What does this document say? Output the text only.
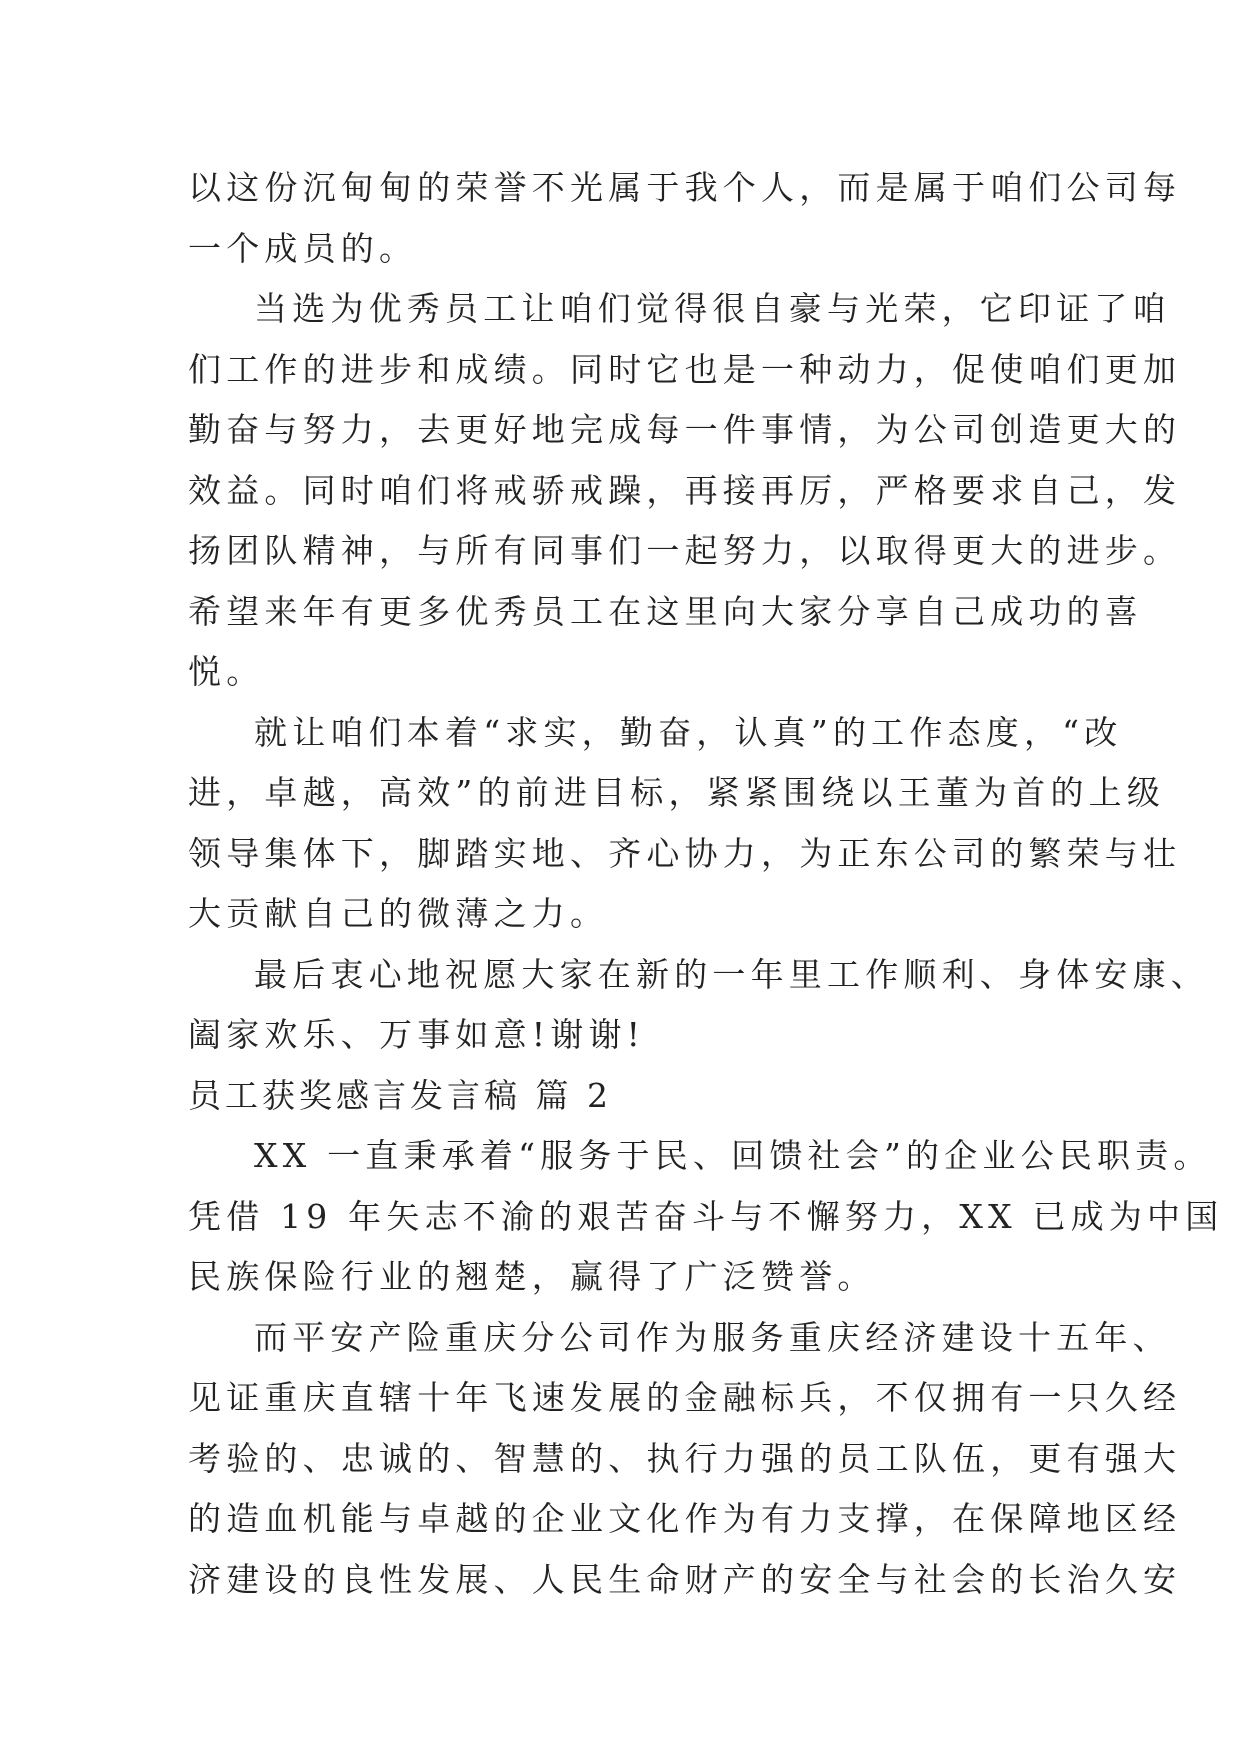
以这份沉甸甸的荣誉不光属于我个人，而是属于咱们公司每
一个成员的。
当选为优秀员工让咱们觉得很自豪与光荣，它印证了咱
们工作的进步和成绩。同时它也是一种动力，促使咱们更加
勤奋与努力，去更好地完成每一件事情，为公司创造更大的
效益。同时咱们将戒骄戒躁，再接再厉，严格要求自己，发
扬团队精神，与所有同事们一起努力，以取得更大的进步。
希望来年有更多优秀员工在这里向大家分享自己成功的喜
悦。
就让咱们本着“求实，勤奋，认真”的工作态度，“改
进，卓越，高效”的前进目标，紧紧围绕以王董为首的上级
领导集体下，脚踏实地、齐心协力，为正东公司的繁荣与壮
大贡献自己的微薄之力。
最后衷心地祝愿大家在新的一年里工作顺利、身体安康、
阖家欢乐、万事如意!谢谢!
员工获奖感言发言稿 篇 2
XX 一直秉承着“服务于民、回馈社会”的企业公民职责。
凭借 19 年矢志不渝的艰苦奋斗与不懈努力，XX 已成为中国
民族保险行业的翘楚，赢得了广泛赞誉。
而平安产险重庆分公司作为服务重庆经济建设十五年、
见证重庆直辖十年飞速发展的金融标兵，不仅拥有一只久经
考验的、忠诚的、智慧的、执行力强的员工队伍，更有强大
的造血机能与卓越的企业文化作为有力支撑，在保障地区经
济建设的良性发展、人民生命财产的安全与社会的长治久安
